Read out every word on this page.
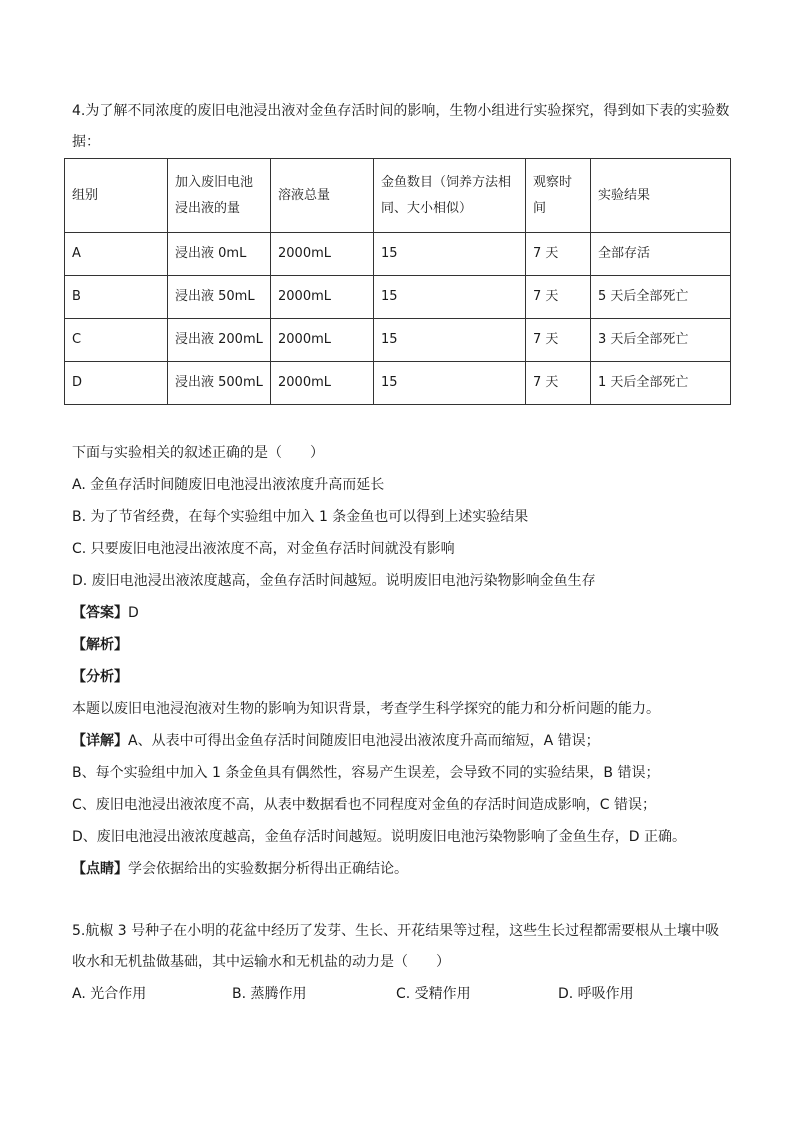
4.为了解不同浓度的废旧电池浸出液对金鱼存活时间的影响，生物小组进行实验探究，得到如下表的实验数据：
组别	加入废旧电池浸出液的量	溶液总量	金鱼数目（饲养方法相同、大小相似）	观察时间	实验结果
A	浸出液 0mL	2000mL	15	7 天	全部存活
B	浸出液 50mL	2000mL	15	7 天	5 天后全部死亡
C	浸出液 200mL	2000mL	15	7 天	3 天后全部死亡
D	浸出液 500mL	2000mL	15	7 天	1 天后全部死亡
下面与实验相关的叙述正确的是（　　）
A. 金鱼存活时间随废旧电池浸出液浓度升高而延长
B. 为了节省经费，在每个实验组中加入 1 条金鱼也可以得到上述实验结果
C. 只要废旧电池浸出液浓度不高，对金鱼存活时间就没有影响
D. 废旧电池浸出液浓度越高，金鱼存活时间越短。说明废旧电池污染物影响金鱼生存
【答案】D
【解析】
【分析】
本题以废旧电池浸泡液对生物的影响为知识背景，考查学生科学探究的能力和分析问题的能力。
【详解】A、从表中可得出金鱼存活时间随废旧电池浸出液浓度升高而缩短，A 错误；
B、每个实验组中加入 1 条金鱼具有偶然性，容易产生误差，会导致不同的实验结果，B 错误；
C、废旧电池浸出液浓度不高，从表中数据看也不同程度对金鱼的存活时间造成影响，C 错误；
D、废旧电池浸出液浓度越高，金鱼存活时间越短。说明废旧电池污染物影响了金鱼生存，D 正确。
【点睛】学会依据给出的实验数据分析得出正确结论。
5.航椒 3 号种子在小明的花盆中经历了发芽、生长、开花结果等过程，这些生长过程都需要根从土壤中吸收水和无机盐做基础，其中运输水和无机盐的动力是（　　）
A. 光合作用	B. 蒸腾作用	C. 受精作用	D. 呼吸作用
